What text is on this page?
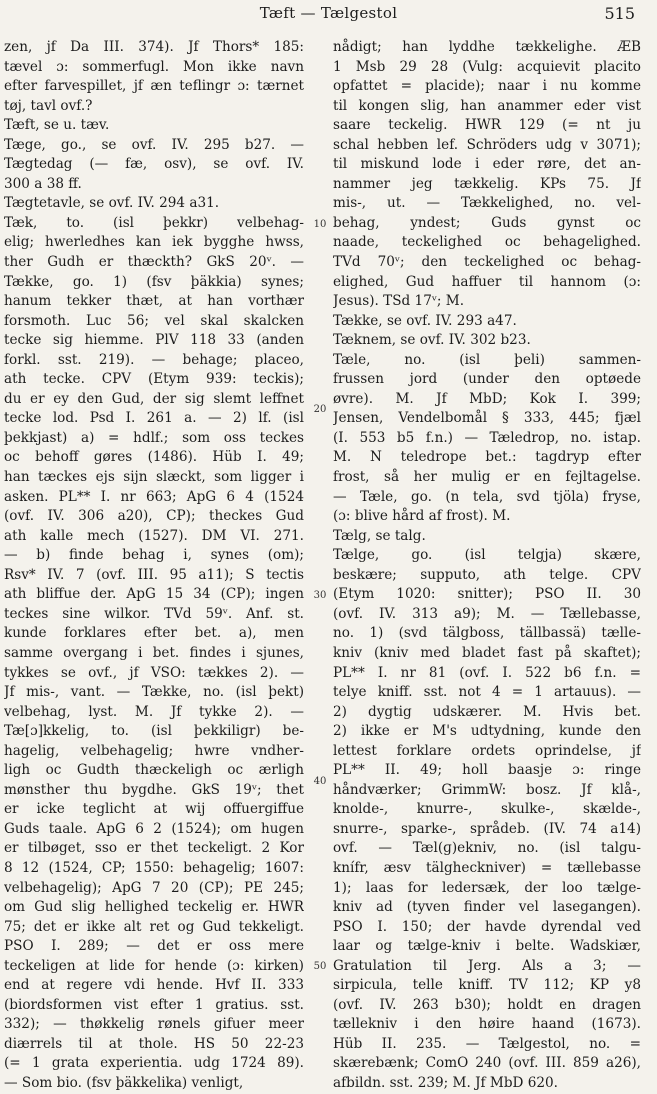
Tæft — Tælgestol	515
zen, jf Da III. 374). Jf Thors* 185:
tævel ɔ: sommerfugl. Mon ikke navn
efter farvespillet, jf æn teflingr ɔ: tærnet
tøj, tavl ovf.?
Tæft, se u. tæv.
Tæge, go., se ovf. IV. 295 b27. —
Tægtedag (— fæ, osv), se ovf. IV.
300 a 38 ff.
Tægtetavle, se ovf. IV. 294 a31.
Tæk, to. (isl þekkr) velbehag-
elig; hwerledhes kan iek bygghe hwss,
ther Gudh er thæckth? GkS 20ᵛ. —
Tække, go. 1) (fsv þäkkia) synes;
hanum tekker thæt, at han vorthær
forsmoth. Luc 56; vel skal skalcken
tecke sig hiemme. PlV 118 33 (anden
forkl. sst. 219). — behage; placeo,
ath tecke. CPV (Etym 939: teckis);
du er ey den Gud, der sig slemt leffnet
tecke lod. Psd I. 261 a. — 2) lf. (isl
þekkjast) a) = hdlf.; som oss teckes
oc behoff gøres (1486). Hüb I. 49;
han tæckes ejs sijn slæckt, som ligger i
asken. PL** I. nr 663; ApG 6 4 (1524
(ovf. IV. 306 a20), CP); theckes Gud
ath kalle mech (1527). DM VI. 271.
— b) finde behag i, synes (om);
Rsv* IV. 7 (ovf. III. 95 a11); S tectis
ath bliffue der. ApG 15 34 (CP); ingen
teckes sine wilkor. TVd 59ᵛ. Anf. st.
kunde forklares efter bet. a), men
samme overgang i bet. findes i sjunes,
tykkes se ovf., jf VSO: tækkes 2). —
Jf mis-, vant. — Tække, no. (isl þekt)
velbehag, lyst. M. Jf tykke 2). —
Tæ[ɔ]kkelig, to. (isl þekkiligr) be-
hagelig, velbehagelig; hwre vndher-
ligh oc Gudth thæckeligh oc ærligh
mønsther thu bygdhe. GkS 19ᵛ; thet
er icke teglicht at wij offuergiffue
Guds taale. ApG 6 2 (1524); om hugen
er tilbøget, sso er thet teckeligt. 2 Kor
8 12 (1524, CP; 1550: behagelig; 1607:
velbehagelig); ApG 7 20 (CP); PE 245;
om Gud slig hellighed teckelig er. HWR
75; det er ikke alt ret og Gud tekkeligt.
PSO I. 289; — det er oss mere
teckeligen at lide for hende (ɔ: kirken)
end at regere vdi hende. Hvf II. 333
(biordsformen vist efter 1 gratius. sst.
332); — thøkkelig rønels gifuer meer
diærrels til at thole. HS 50 22-23
(= 1 grata experientia. udg 1724 89).
— Som bio. (fsv þäkkelika) venligt,
10
20
30
40
50
nådigt; han lyddhe tækkelighe. ÆB
1 Msb 29 28 (Vulg: acquievit placito
opfattet = placide); naar i nu komme
til kongen slig, han anammer eder vist
saare teckelig. HWR 129 (= nt ju
schal hebben lef. Schröders udg v 3071);
til miskund lode i eder røre, det an-
nammer jeg tækkelig. KPs 75. Jf
mis-, ut. — Tækkelighed, no. vel-
behag, yndest; Guds gynst oc
naade, teckelighed oc behagelighed.
TVd 70ᵛ; den teckelighed oc behag-
elighed, Gud haffuer til hannom (ɔ:
Jesus). TSd 17ᵛ; M.
Tække, se ovf. IV. 293 a47.
Tæknem, se ovf. IV. 302 b23.
Tæle, no. (isl þeli) sammen-
frussen jord (under den optøede
øvre). M. Jf MbD; Kok I. 399;
Jensen, Vendelbomål § 333, 445; fjæl
(I. 553 b5 f.n.) — Tæledrop, no. istap.
M. N teledrope bet.: tagdryp efter
frost, så her mulig er en fejltagelse.
— Tæle, go. (n tela, svd tjöla) fryse,
(ɔ: blive hård af frost). M.
Tælg, se talg.
Tælge, go. (isl telgja) skære,
beskære; supputo, ath telge. CPV
(Etym 1020: snitter); PSO II. 30
(ovf. IV. 313 a9); M. — Tællebasse,
no. 1) (svd tälgboss, tällbassä) tælle-
kniv (kniv med bladet fast på skaftet);
PL** I. nr 81 (ovf. I. 522 b6 f.n. =
telye kniff. sst. not 4 = 1 artauus). —
2) dygtig udskærer. M. Hvis bet.
2) ikke er M's udtydning, kunde den
lettest forklare ordets oprindelse, jf
PL** II. 49; holl baasje ɔ: ringe
håndværker; GrimmW: bosz. Jf klå-,
knolde-, knurre-, skulke-, skælde-,
snurre-, sparke-, språdeb. (IV. 74 a14)
ovf. — Tæl(ɡ)ekniv, no. (isl talgu-
knífr, æsv tälgheckniver) = tællebasse
1); laas for ledersæk, der loo tælge-
kniv ad (tyven finder vel lasegangen).
PSO I. 150; der havde dyrendal ved
laar og tælge-kniv i belte. Wadskiær,
Gratulation til Jerg. Als a 3; —
sirpicula, telle kniff. TV 112; KP y8
(ovf. IV. 263 b30); holdt en dragen
tællekniv i den høire haand (1673).
Hüb II. 235. — Tælgestol, no. =
skærebænk; ComO 240 (ovf. III. 859 a26),
afbildn. sst. 239; M. Jf MbD 620.
